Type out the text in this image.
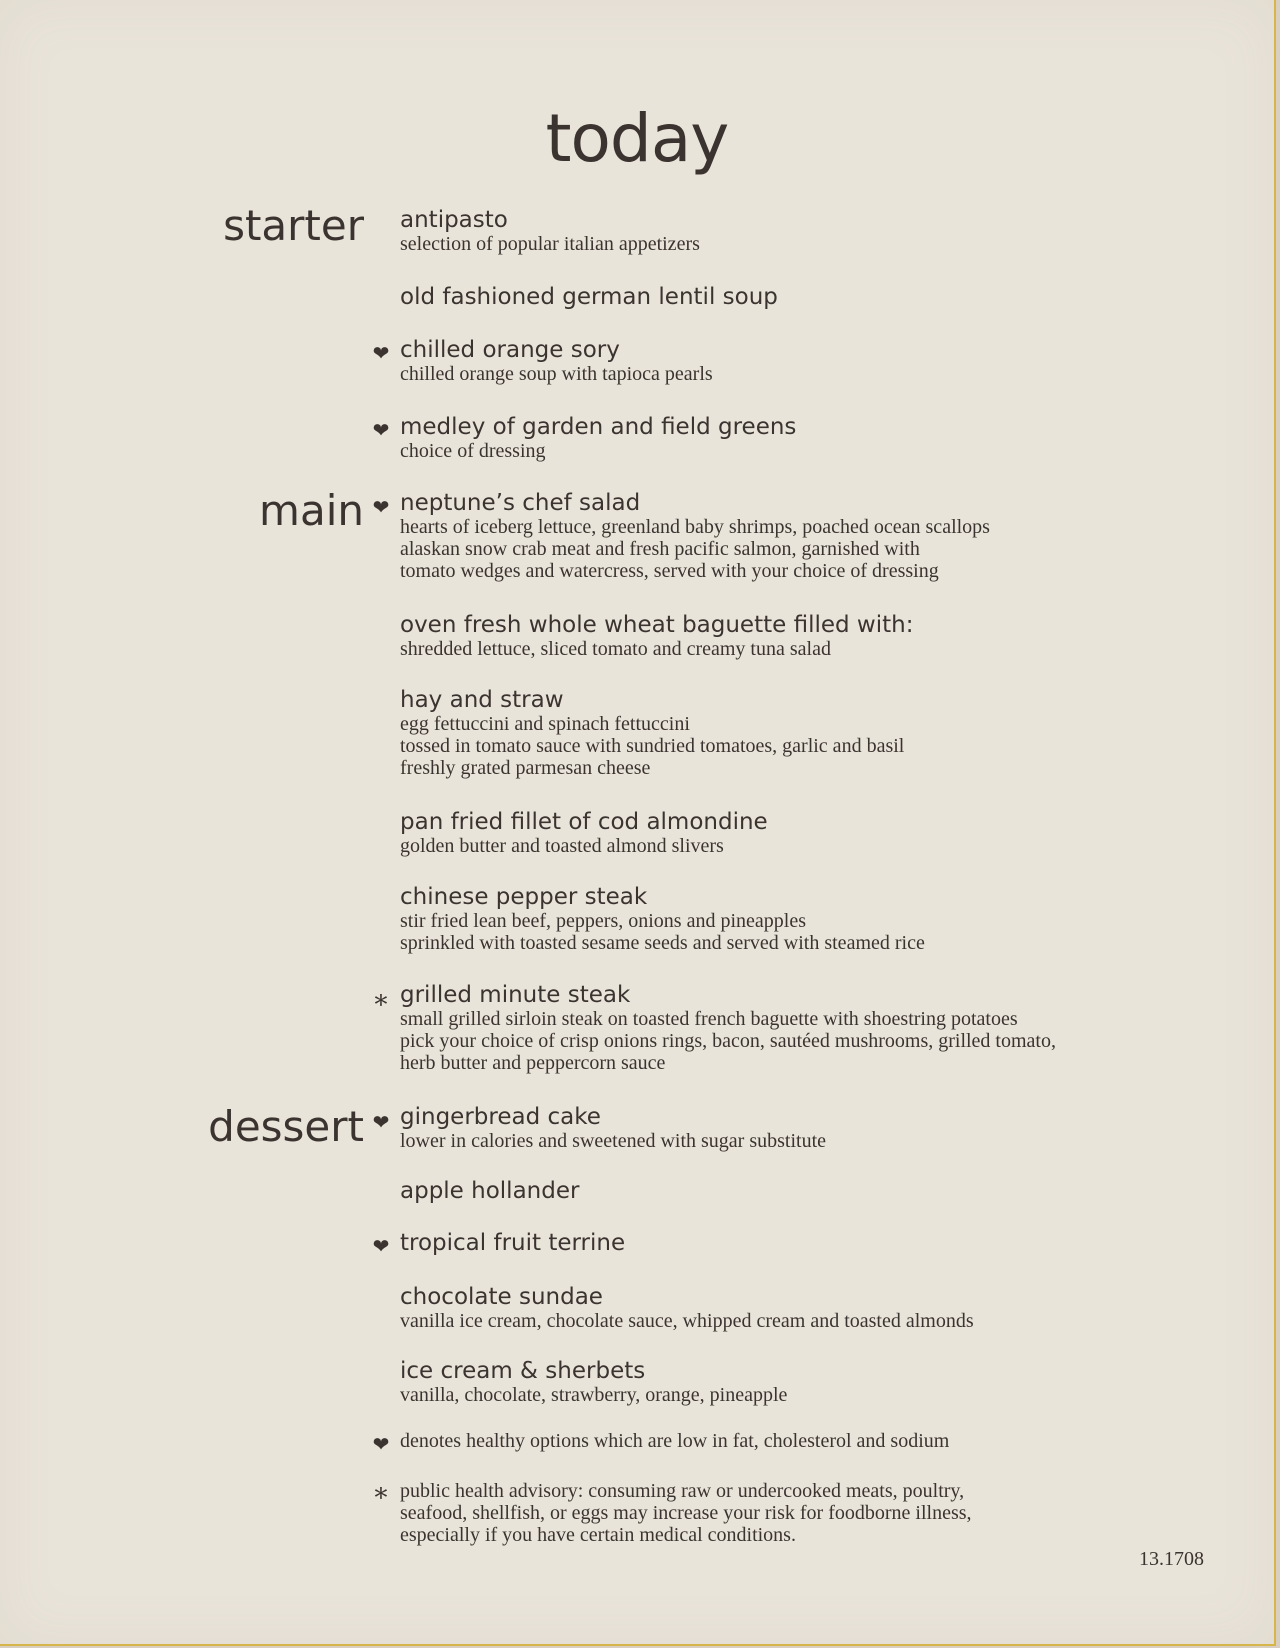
today
starter
main
dessert
❤
❤
❤
∗
❤
❤
❤
∗
antipasto
selection of popular italian appetizers
old fashioned german lentil soup
chilled orange sory
chilled orange soup with tapioca pearls
medley of garden and field greens
choice of dressing
neptune’s chef salad
hearts of iceberg lettuce, greenland baby shrimps, poached ocean scallops
alaskan snow crab meat and fresh pacific salmon, garnished with
tomato wedges and watercress, served with your choice of dressing
oven fresh whole wheat baguette filled with:
shredded lettuce, sliced tomato and creamy tuna salad
hay and straw
egg fettuccini and spinach fettuccini
tossed in tomato sauce with sundried tomatoes, garlic and basil
freshly grated parmesan cheese
pan fried fillet of cod almondine
golden butter and toasted almond slivers
chinese pepper steak
stir fried lean beef, peppers, onions and pineapples
sprinkled with toasted sesame seeds and served with steamed rice
grilled minute steak
small grilled sirloin steak on toasted french baguette with shoestring potatoes
pick your choice of crisp onions rings, bacon, sautéed mushrooms, grilled tomato,
herb butter and peppercorn sauce
gingerbread cake
lower in calories and sweetened with sugar substitute
apple hollander
tropical fruit terrine
chocolate sundae
vanilla ice cream, chocolate sauce, whipped cream and toasted almonds
ice cream & sherbets
vanilla, chocolate, strawberry, orange, pineapple
denotes healthy options which are low in fat, cholesterol and sodium
public health advisory: consuming raw or undercooked meats, poultry,
seafood, shellfish, or eggs may increase your risk for foodborne illness,
especially if you have certain medical conditions.
13.1708
